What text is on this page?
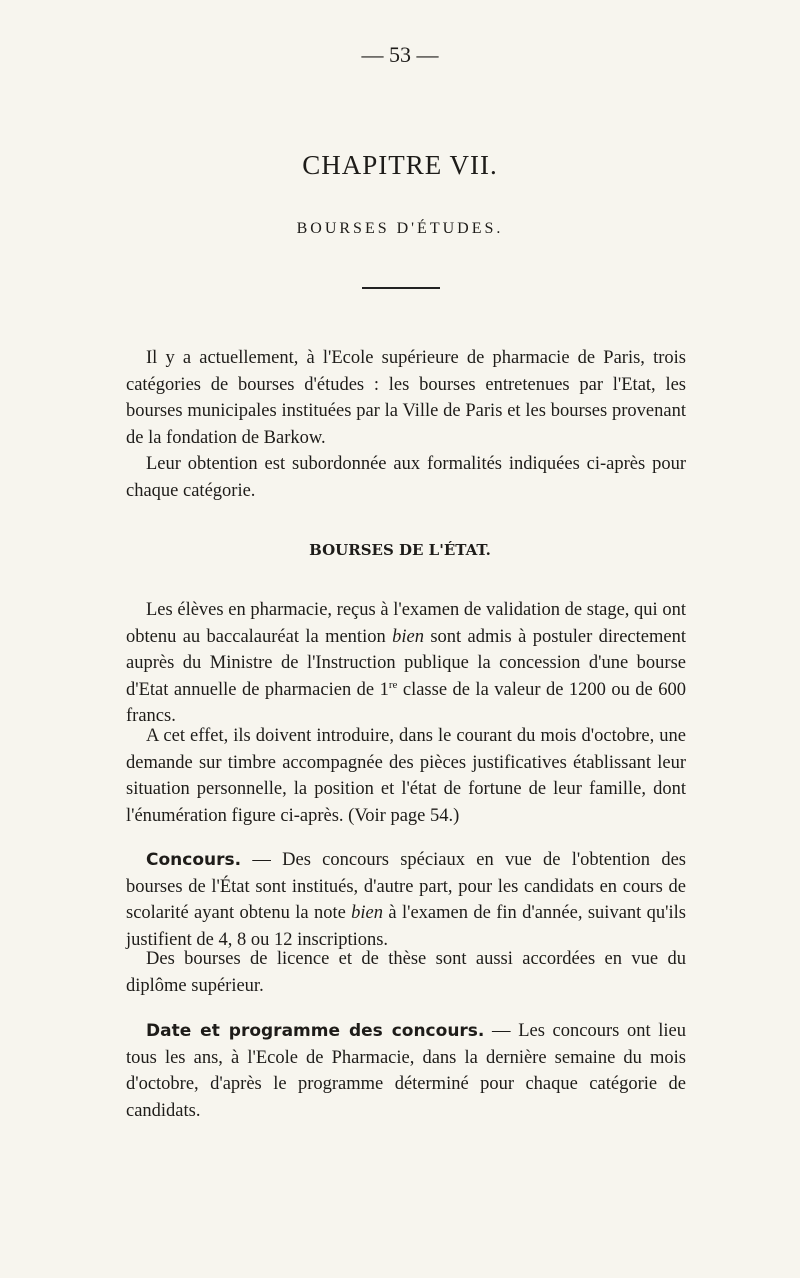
— 53 —
CHAPITRE VII.
BOURSES D'ÉTUDES.

Il y a actuellement, à l'Ecole supérieure de pharmacie de Paris, trois catégories de bourses d'études : les bourses entretenues par l'Etat, les bourses municipales instituées par la Ville de Paris et les bourses provenant de la fondation de Barkow.

Leur obtention est subordonnée aux formalités indiquées ci-après pour chaque catégorie.

BOURSES DE L'ÉTAT.

Les élèves en pharmacie, reçus à l'examen de validation de stage, qui ont obtenu au baccalauréat la mention bien sont admis à postuler directement auprès du Ministre de l'Instruction publique la concession d'une bourse d'Etat annuelle de pharmacien de 1re classe de la valeur de 1200 ou de 600 francs.

A cet effet, ils doivent introduire, dans le courant du mois d'octobre, une demande sur timbre accompagnée des pièces justificatives établissant leur situation personnelle, la position et l'état de fortune de leur famille, dont l'énumération figure ci-après. (Voir page 54.)

Concours. — Des concours spéciaux en vue de l'obtention des bourses de l'État sont institués, d'autre part, pour les candidats en cours de scolarité ayant obtenu la note bien à l'examen de fin d'année, suivant qu'ils justifient de 4, 8 ou 12 inscriptions.

Des bourses de licence et de thèse sont aussi accordées en vue du diplôme supérieur.

Date et programme des concours. — Les concours ont lieu tous les ans, à l'Ecole de Pharmacie, dans la dernière semaine du mois d'octobre, d'après le programme déterminé pour chaque catégorie de candidats.
